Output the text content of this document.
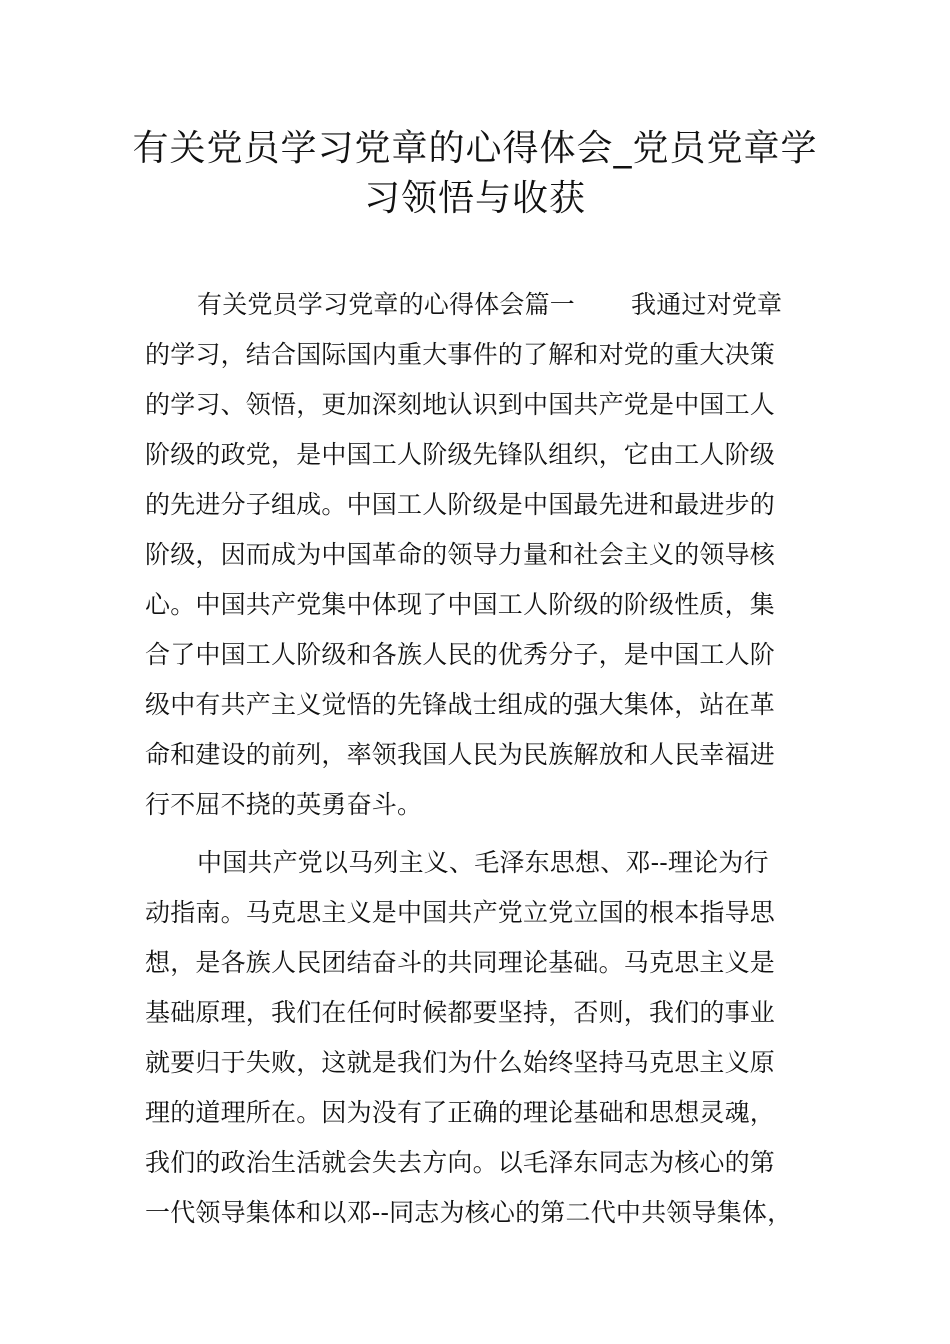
有关党员学习党章的心得体会_党员党章学
习领悟与收获
有关党员学习党章的心得体会篇一 我通过对党章
的学习，结合国际国内重大事件的了解和对党的重大决策
的学习、领悟，更加深刻地认识到中国共产党是中国工人
阶级的政党，是中国工人阶级先锋队组织，它由工人阶级
的先进分子组成。中国工人阶级是中国最先进和最进步的
阶级，因而成为中国革命的领导力量和社会主义的领导核
心。中国共产党集中体现了中国工人阶级的阶级性质，集
合了中国工人阶级和各族人民的优秀分子，是中国工人阶
级中有共产主义觉悟的先锋战士组成的强大集体，站在革
命和建设的前列，率领我国人民为民族解放和人民幸福进
行不屈不挠的英勇奋斗。
中国共产党以马列主义、毛泽东思想、邓--理论为行
动指南。马克思主义是中国共产党立党立国的根本指导思
想，是各族人民团结奋斗的共同理论基础。马克思主义是
基础原理，我们在任何时候都要坚持，否则，我们的事业
就要归于失败，这就是我们为什么始终坚持马克思主义原
理的道理所在。因为没有了正确的理论基础和思想灵魂，
我们的政治生活就会失去方向。以毛泽东同志为核心的第
一代领导集体和以邓--同志为核心的第二代中共领导集体，
